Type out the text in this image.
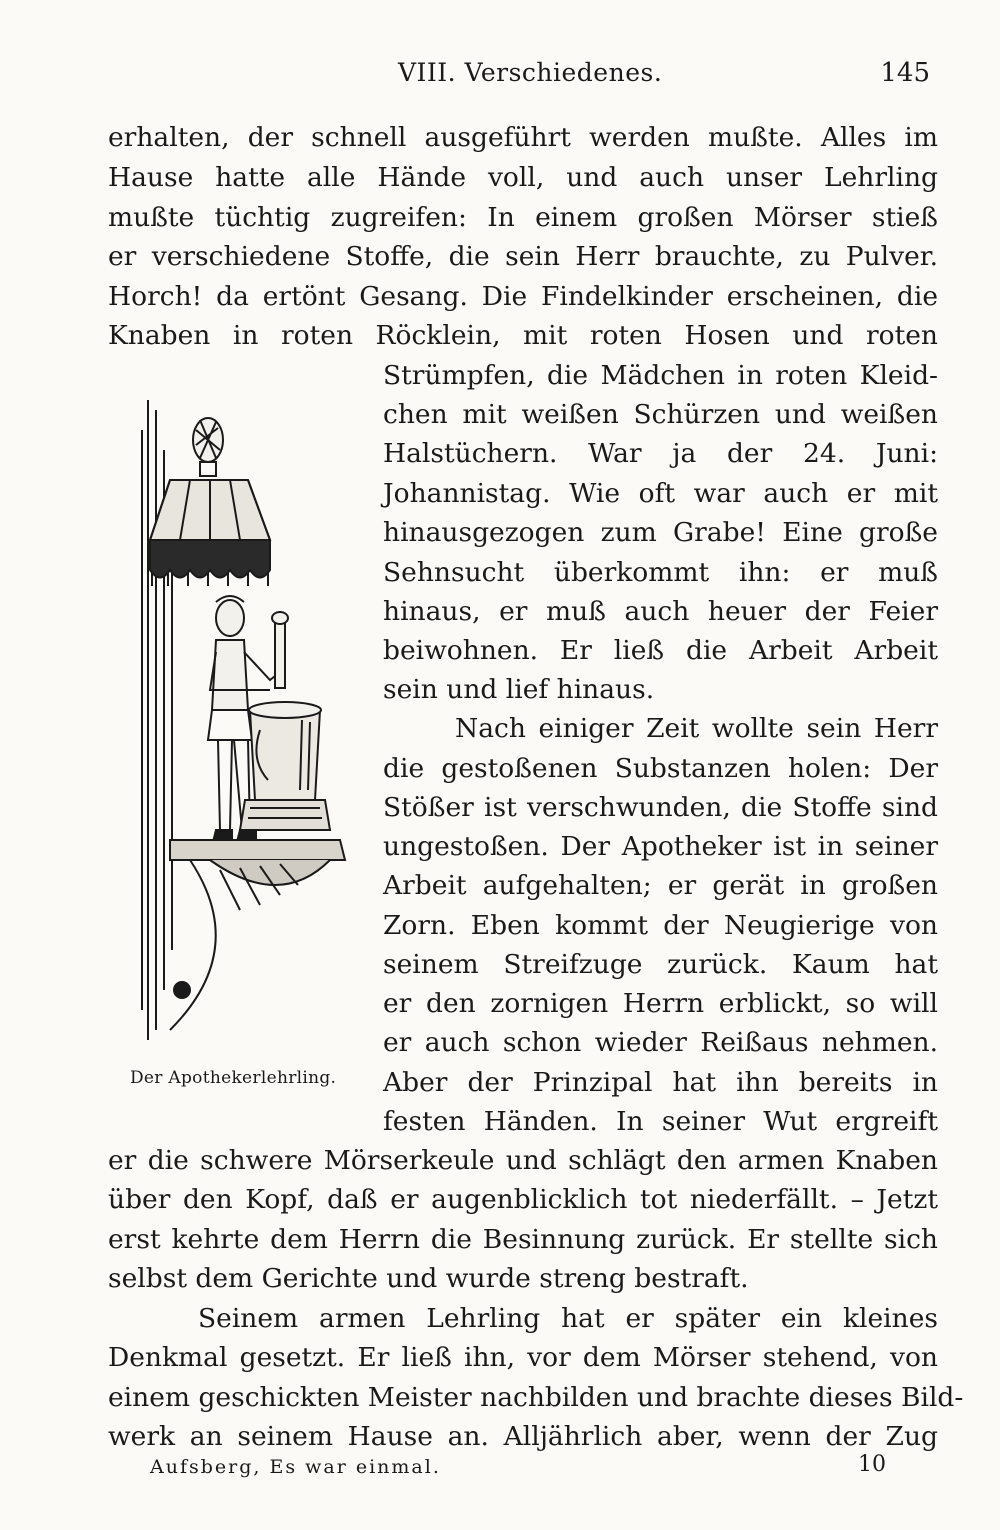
VIII. Verschiedenes.	145
erhalten, der schnell ausgeführt werden mußte. Alles im
Hause hatte alle Hände voll, und auch unser Lehrling
mußte tüchtig zugreifen: In einem großen Mörser stieß
er verschiedene Stoffe, die sein Herr brauchte, zu Pulver.
Horch! da ertönt Gesang. Die Findelkinder erscheinen, die
Knaben in roten Röcklein, mit roten Hosen und roten
Strümpfen, die Mädchen in roten Kleid-
chen mit weißen Schürzen und weißen
Halstüchern. War ja der 24. Juni:
Johannistag. Wie oft war auch er mit
hinausgezogen zum Grabe! Eine große
Sehnsucht überkommt ihn: er muß
hinaus, er muß auch heuer der Feier
beiwohnen. Er ließ die Arbeit Arbeit
sein und lief hinaus.
Nach einiger Zeit wollte sein Herr
die gestoßenen Substanzen holen: Der
Stößer ist verschwunden, die Stoffe sind
ungestoßen. Der Apotheker ist in seiner
Arbeit aufgehalten; er gerät in großen
Zorn. Eben kommt der Neugierige von
seinem Streifzuge zurück. Kaum hat
er den zornigen Herrn erblickt, so will
er auch schon wieder Reißaus nehmen.
Aber der Prinzipal hat ihn bereits in
festen Händen. In seiner Wut ergreift
er die schwere Mörserkeule und schlägt den armen Knaben
über den Kopf, daß er augenblicklich tot niederfällt. – Jetzt
erst kehrte dem Herrn die Besinnung zurück. Er stellte sich
selbst dem Gerichte und wurde streng bestraft.
Seinem armen Lehrling hat er später ein kleines
Denkmal gesetzt. Er ließ ihn, vor dem Mörser stehend, von
einem geschickten Meister nachbilden und brachte dieses Bild-
werk an seinem Hause an. Alljährlich aber, wenn der Zug
Der Apothekerlehrling.
Aufsberg, Es war einmal.	10
